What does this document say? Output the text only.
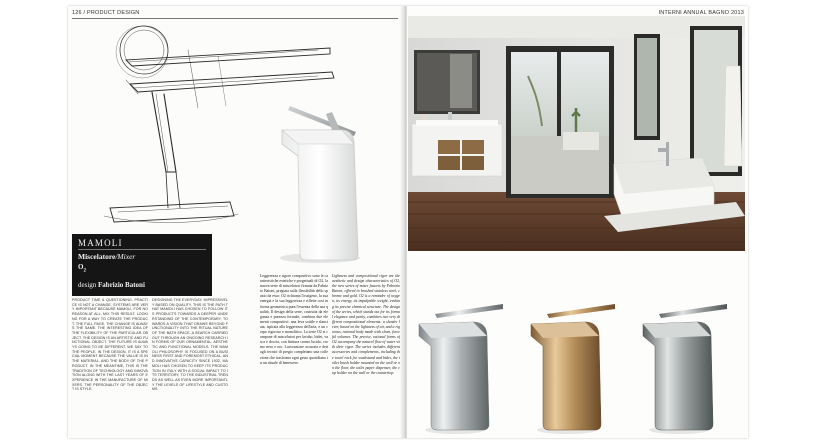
126 / PRODUCT DESIGN
MAMOLI
Miscelatore/Mixer
$O_2$
design Fabrizio Batoni
PRODUCT TIME & QUESTIONING. PRACTICE IS NOT A CHANGE. SYSTEMS ARE VERY IMPORTANT BECAUSE MAMOLI, FOR NO REASON AT ALL, MIX THIS RESULT. LOOKING FOR A WAY TO CREATE THE PRODUCT. THE FULL PAGE. THE CHANGE IS ALWAYS THE SAME. THE INTERESTING IDEA OF THE FLEXIBILITY OF THE PARTICULAR OBJECT. THE DESIGN IS AN ARTISTIC AND FUNCTIONAL OBJECT. THE FUTURE IS ALWAYS GOING TO BE DIFFERENT, WE SAY TO THE PEOPLE. IN THE DESIGN, IT IS A SPECIAL MOMENT BECAUSE THE VALUE IS IN THE MATERIAL, AND THE BODY OF THE PRODUCT. IN THE MEANTIME, THIS IS THE TRADITION OF TECHNOLOGY AND INNOVATION ALONG WITH THE LAST YEARS OF EXPERIENCE IN THE MANUFACTURE OF MIXERS. THE PERSONALITY OF THE OBJECT IS STYLE.
DESIGNING THE EVERYDAY, IMPRESSIVELY BASED ON QUALITY. THIS IS THE PATH THAT MAMOLI HAS CHOSEN TO FOLLOW ITS PRODUCTS TOWARDS A DEEPER UNDERSTANDING OF THE CONTEMPORARY, TOWARDS A VISION THAT DRAWS BEYOND FUNCTIONALITY INTO THE RITUAL NATURE OF THE BATH SPACE. A SEARCH CARRIED OUT THROUGH AN ONGOING RESEARCH IN FORMS OF OUR ORNAMENTAL, AESTHETIC AND FUNCTIONAL MODELS. THE MAMOLI PHILOSOPHY IS FOCUSED ON A BUSINESS FIRST AND FOREMOST ETHICAL, AND INNOVATIVE CAPACITY SINCE 1932, MAMOLI HAS CHOSEN TO KEEP ITS PRODUCTION IN ITALY WITH A SOCIAL IMPACT TO ITS TERRITORY, TO THE INDUSTRIAL TRENDS AS WELL AS EVEN MORE IMPORTANTLY THE LEVELS OF LIFESTYLE AND CUSTOMS.
Leggerezza e rigore compositivo sono le caratteristiche estetiche e progettuali di O2, la nuova serie di miscelatori firmata da Fabrizio Batoni, pregiata sulla flessibilità dello spazio da esso: O2 richiama l'ossigeno, la sua energia e la sua leggerezza e riflette così in forma geometrica pura l'essenza della sua qualità. Il design della serie, costruita da eleganza e purezza formale, combina due elementi compositivi: una leva sottile e slanciata, ispirata alla leggerezza dell'aria, e un corpo rigoroso e monolitico. La serie O2 si compone di miscelatori per lavabo, bidet, vasca e doccia, con finitura cromo lucido, cromo nero e oro. Lavorazione accurata e dettagli tecnici di pregio completano una collezione che trasforma ogni gesto quotidiano in un rituale di benessere.
Lightness and compositional rigor are the aesthetic and design characteristics of O2, the new series of mixer faucets by Fabrizio Batoni, offered in brushed stainless steel, chrome and gold. O2 is a reminder of oxygen, its energy, its impalpable weight, evoking its precise chemical structure. The design of the series, which stands out for its formal elegance and purity, combines two very different compositional elements: a slender lever, based on the lightness of air, and a rigorous, rational body made with clean, forceful volumes. The precise, rational forms of O2 accompany the natural flow of water with their rigor. The series includes different accessories and complements, including the towel rack for washstand and bidet, the toilet brush holder mounted on the wall or on the floor, the toilet paper dispenser, the cup holder on the wall or the countertop.
INTERNI ANNUAL BAGNO 2013
